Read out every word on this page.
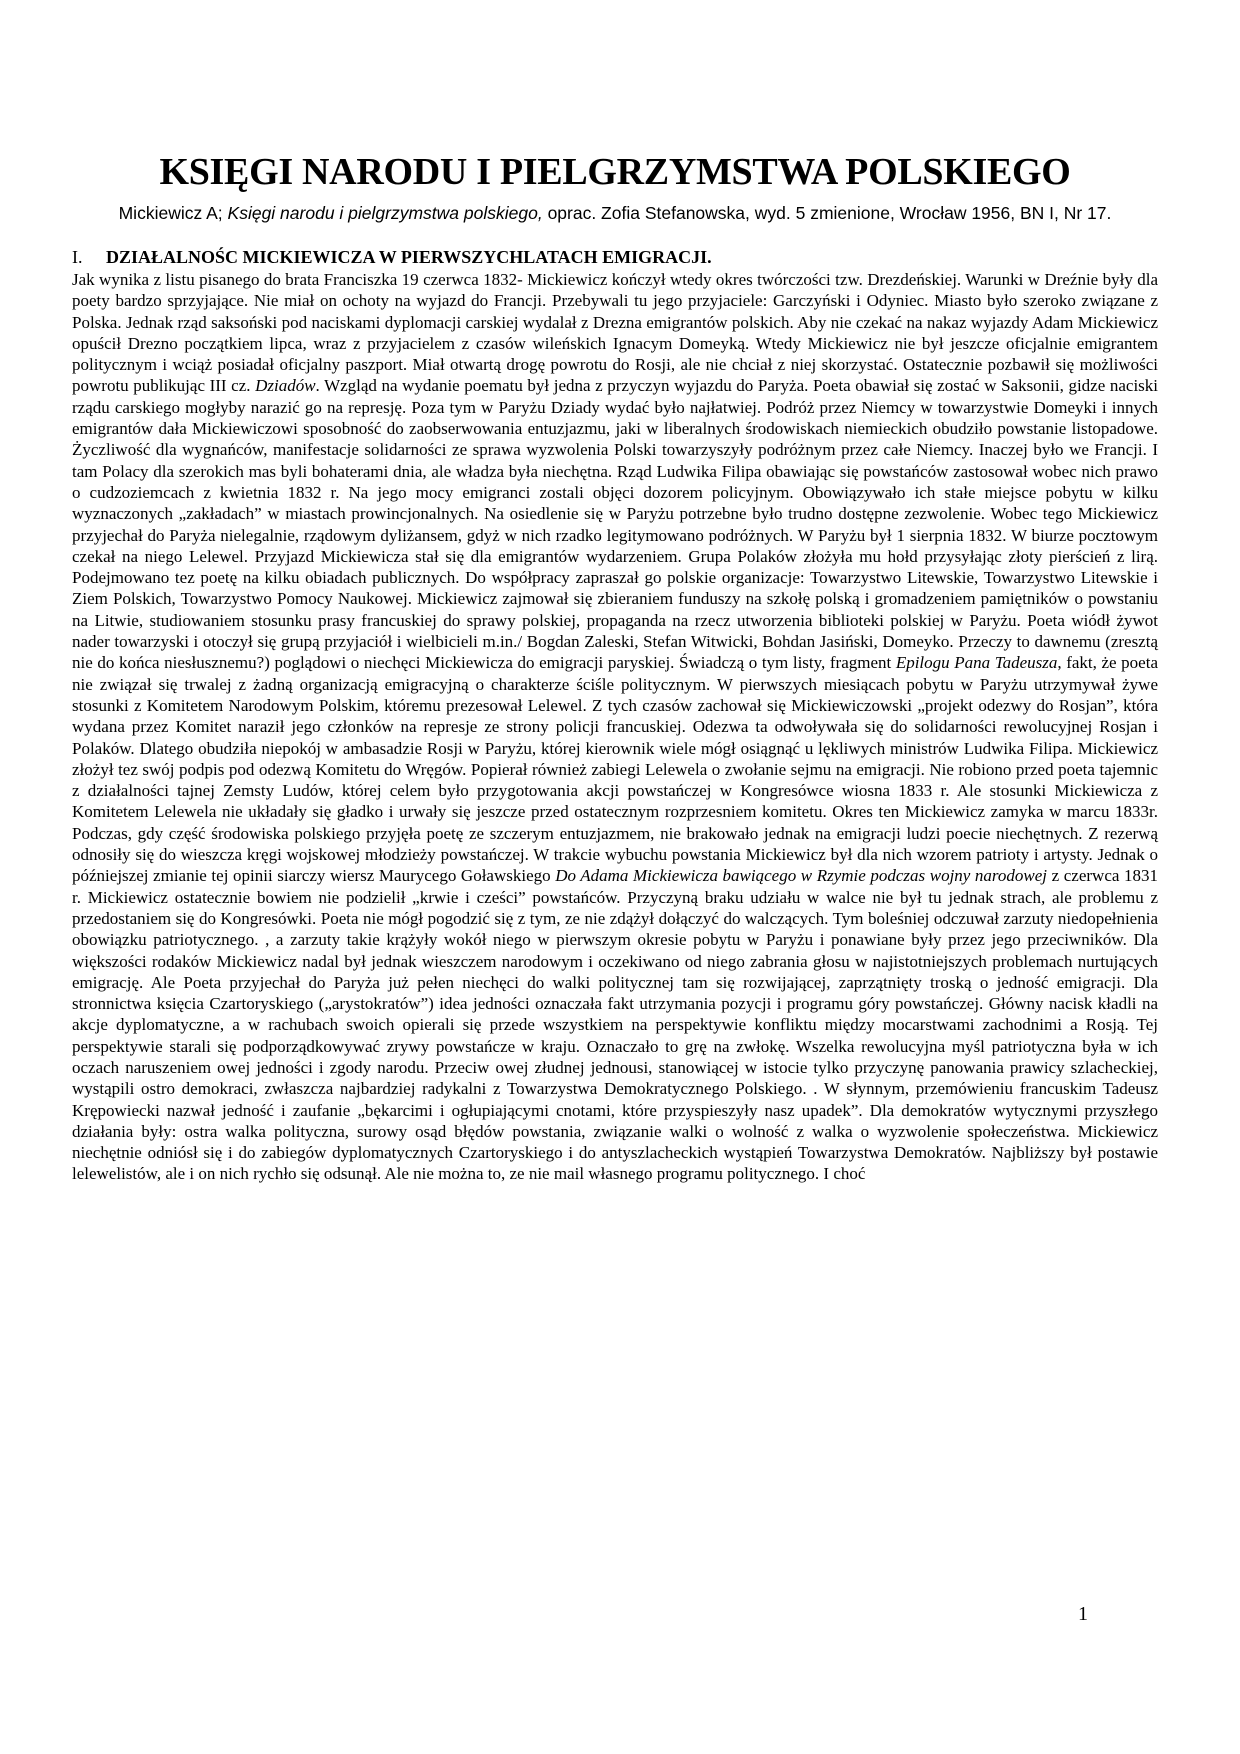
KSIĘGI NARODU I PIELGRZYMSTWA POLSKIEGO

Mickiewicz A; Księgi narodu i pielgrzymstwa polskiego, oprac. Zofia Stefanowska, wyd. 5 zmienione, Wrocław 1956, BN I, Nr 17.

I. DZIAŁALNOŚC MICKIEWICZA W PIERWSZYCHLATACH EMIGRACJI.

Jak wynika z listu pisanego do brata Franciszka 19 czerwca 1832- Mickiewicz kończył wtedy okres twórczości tzw. Drezdeńskiej. Warunki w Dreźnie były dla poety bardzo sprzyjające. Nie miał on ochoty na wyjazd do Francji. Przebywali tu jego przyjaciele: Garczyński i Odyniec. Miasto było szeroko związane z Polska. Jednak rząd saksoński pod naciskami dyplomacji carskiej wydalał z Drezna emigrantów polskich. Aby nie czekać na nakaz wyjazdy Adam Mickiewicz opuścił Drezno początkiem lipca, wraz z przyjacielem z czasów wileńskich Ignacym Domeyką. Wtedy Mickiewicz nie był jeszcze oficjalnie emigrantem politycznym i wciąż posiadał oficjalny paszport. Miał otwartą drogę powrotu do Rosji, ale nie chciał z niej skorzystać. Ostatecznie pozbawił się możliwości powrotu publikując III cz. Dziadów. Wzgląd na wydanie poematu był jedna z przyczyn wyjazdu do Paryża. Poeta obawiał się zostać w Saksonii, gidze naciski rządu carskiego mogłyby narazić go na represję. Poza tym w Paryżu Dziady wydać było najłatwiej. Podróż przez Niemcy w towarzystwie Domeyki i innych emigrantów dała Mickiewiczowi sposobność do zaobserwowania entuzjazmu, jaki w liberalnych środowiskach niemieckich obudziło powstanie listopadowe. Życzliwość dla wygnańców, manifestacje solidarności ze sprawa wyzwolenia Polski towarzyszyły podróżnym przez całe Niemcy. Inaczej było we Francji. I tam Polacy dla szerokich mas byli bohaterami dnia, ale władza była niechętna. Rząd Ludwika Filipa obawiając się powstańców zastosował wobec nich prawo o cudzoziemcach z kwietnia 1832 r. Na jego mocy emigranci zostali objęci dozorem policyjnym. Obowiązywało ich stałe miejsce pobytu w kilku wyznaczonych „zakładach” w miastach prowincjonalnych. Na osiedlenie się w Paryżu potrzebne było trudno dostępne zezwolenie. Wobec tego Mickiewicz przyjechał do Paryża nielegalnie, rządowym dyliżansem, gdyż w nich rzadko legitymowano podróżnych. W Paryżu był 1 sierpnia 1832. W biurze pocztowym czekał na niego Lelewel. Przyjazd Mickiewicza stał się dla emigrantów wydarzeniem. Grupa Polaków złożyła mu hołd przysyłając złoty pierścień z lirą. Podejmowano tez poetę na kilku obiadach publicznych. Do współpracy zapraszał go polskie organizacje: Towarzystwo Litewskie, Towarzystwo Litewskie i Ziem Polskich, Towarzystwo Pomocy Naukowej. Mickiewicz zajmował się zbieraniem funduszy na szkołę polską i gromadzeniem pamiętników o powstaniu na Litwie, studiowaniem stosunku prasy francuskiej do sprawy polskiej, propaganda na rzecz utworzenia biblioteki polskiej w Paryżu. Poeta wiódł żywot nader towarzyski i otoczył się grupą przyjaciół i wielbicieli m.in./ Bogdan Zaleski, Stefan Witwicki, Bohdan Jasiński, Domeyko. Przeczy to dawnemu (zresztą nie do końca niesłusznemu?) poglądowi o niechęci Mickiewicza do emigracji paryskiej. Świadczą o tym listy, fragment Epilogu Pana Tadeusza, fakt, że poeta nie związał się trwalej z żadną organizacją emigracyjną o charakterze ściśle politycznym. W pierwszych miesiącach pobytu w Paryżu utrzymywał żywe stosunki z Komitetem Narodowym Polskim, któremu prezesował Lelewel. Z tych czasów zachował się Mickiewiczowski „projekt odezwy do Rosjan”, która wydana przez Komitet naraził jego członków na represje ze strony policji francuskiej. Odezwa ta odwoływała się do solidarności rewolucyjnej Rosjan i Polaków. Dlatego obudziła niepokój w ambasadzie Rosji w Paryżu, której kierownik wiele mógł osiągnąć u lękliwych ministrów Ludwika Filipa. Mickiewicz złożył tez swój podpis pod odezwą Komitetu do Wręgów. Popierał również zabiegi Lelewela o zwołanie sejmu na emigracji. Nie robiono przed poeta tajemnic z działalności tajnej Zemsty Ludów, której celem było przygotowania akcji powstańczej w Kongresówce wiosna 1833 r. Ale stosunki Mickiewicza z Komitetem Lelewela nie układały się gładko i urwały się jeszcze przed ostatecznym rozprzesniem komitetu. Okres ten Mickiewicz zamyka w marcu 1833r. Podczas, gdy część środowiska polskiego przyjęła poetę ze szczerym entuzjazmem, nie brakowało jednak na emigracji ludzi poecie niechętnych. Z rezerwą odnosiły się do wieszcza kręgi wojskowej młodzieży powstańczej. W trakcie wybuchu powstania Mickiewicz był dla nich wzorem patrioty i artysty. Jednak o późniejszej zmianie tej opinii siarczy wiersz Maurycego Goławskiego Do Adama Mickiewicza bawiącego w Rzymie podczas wojny narodowej z czerwca 1831 r. Mickiewicz ostatecznie bowiem nie podzielił „krwie i cześci” powstańców. Przyczyną braku udziału w walce nie był tu jednak strach, ale problemu z przedostaniem się do Kongresówki. Poeta nie mógł pogodzić się z tym, ze nie zdążył dołączyć do walczących. Tym boleśniej odczuwał zarzuty niedopełnienia obowiązku patriotycznego. , a zarzuty takie krążyły wokół niego w pierwszym okresie pobytu w Paryżu i ponawiane były przez jego przeciwników. Dla większości rodaków Mickiewicz nadal był jednak wieszczem narodowym i oczekiwano od niego zabrania głosu w najistotniejszych problemach nurtujących emigrację. Ale Poeta przyjechał do Paryża już pełen niechęci do walki politycznej tam się rozwijającej, zaprzątnięty troską o jedność emigracji. Dla stronnictwa księcia Czartoryskiego („arystokratów”) idea jedności oznaczała fakt utrzymania pozycji i programu góry powstańczej. Główny nacisk kładli na akcje dyplomatyczne, a w rachubach swoich opierali się przede wszystkiem na perspektywie konfliktu między mocarstwami zachodnimi a Rosją. Tej perspektywie starali się podporządkowywać zrywy powstańcze w kraju. Oznaczało to grę na zwłokę. Wszelka rewolucyjna myśl patriotyczna była w ich oczach naruszeniem owej jedności i zgody narodu. Przeciw owej złudnej jednousi, stanowiącej w istocie tylko przyczynę panowania prawicy szlacheckiej, wystąpili ostro demokraci, zwłaszcza najbardziej radykalni z Towarzystwa Demokratycznego Polskiego. . W słynnym, przemówieniu francuskim Tadeusz Krępowiecki nazwał jedność i zaufanie „bękarcimi i ogłupiającymi cnotami, które przyspieszyły nasz upadek”. Dla demokratów wytycznymi przyszłego działania były: ostra walka polityczna, surowy osąd błędów powstania, związanie walki o wolność z walka o wyzwolenie społeczeństwa. Mickiewicz niechętnie odniósł się i do zabiegów dyplomatycznych Czartoryskiego i do antyszlacheckich wystąpień Towarzystwa Demokratów. Najbliższy był postawie lelewelistów, ale i on nich rychło się odsunął. Ale nie można to, ze nie mail własnego programu politycznego. I choć

1
